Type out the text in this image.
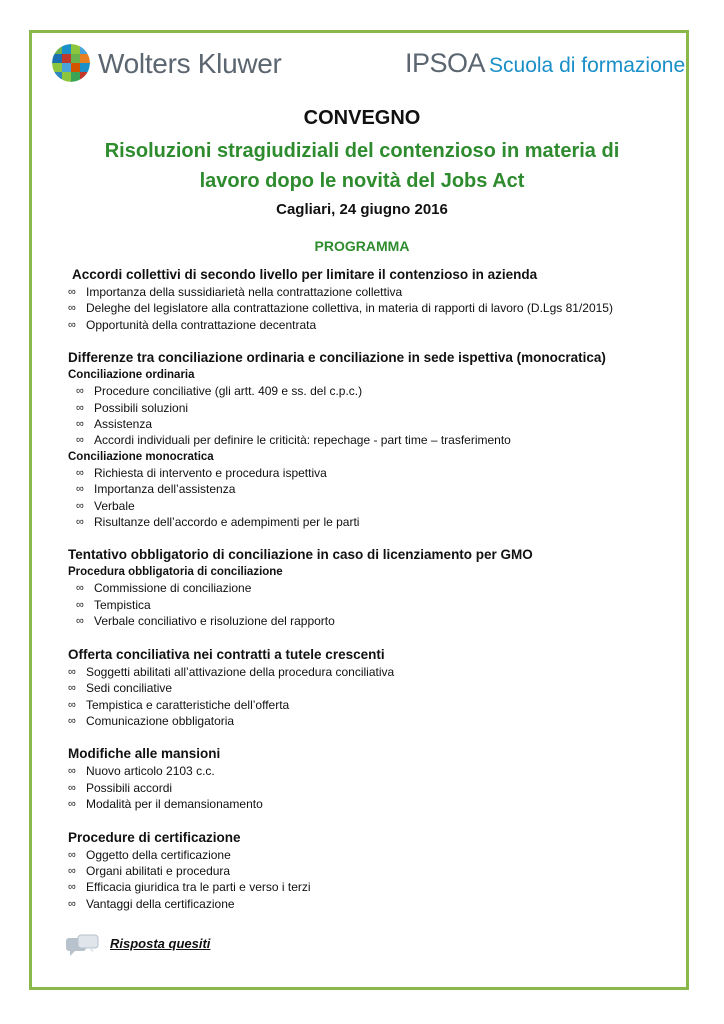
Wolters Kluwer	IPSOA Scuola di formazione

CONVEGNO

Risoluzioni stragiudiziali del contenzioso in materia di
lavoro dopo le novità del Jobs Act

Cagliari, 24 giugno 2016
PROGRAMMA
Accordi collettivi di secondo livello per limitare il contenzioso in azienda
∞ Importanza della sussidiarietà nella contrattazione collettiva
∞ Deleghe del legislatore alla contrattazione collettiva, in materia di rapporti di lavoro (D.Lgs 81/2015)
∞ Opportunità della contrattazione decentrata
Differenze tra conciliazione ordinaria e conciliazione in sede ispettiva (monocratica)
Conciliazione ordinaria
∞ Procedure conciliative (gli artt. 409 e ss. del c.p.c.)
∞ Possibili soluzioni
∞ Assistenza
∞ Accordi individuali per definire le criticità: repechage - part time – trasferimento
Conciliazione monocratica
∞ Richiesta di intervento e procedura ispettiva
∞ Importanza dell’assistenza
∞ Verbale
∞ Risultanze dell’accordo e adempimenti per le parti
Tentativo obbligatorio di conciliazione in caso di licenziamento per GMO
Procedura obbligatoria di conciliazione
∞ Commissione di conciliazione
∞ Tempistica
∞ Verbale conciliativo e risoluzione del rapporto
Offerta conciliativa nei contratti a tutele crescenti
∞ Soggetti abilitati all’attivazione della procedura conciliativa
∞ Sedi conciliative
∞ Tempistica e caratteristiche dell’offerta
∞ Comunicazione obbligatoria
Modifiche alle mansioni
∞ Nuovo articolo 2103 c.c.
∞ Possibili accordi
∞ Modalità per il demansionamento
Procedure di certificazione
∞ Oggetto della certificazione
∞ Organi abilitati e procedura
∞ Efficacia giuridica tra le parti e verso i terzi
∞ Vantaggi della certificazione
Risposta quesiti
